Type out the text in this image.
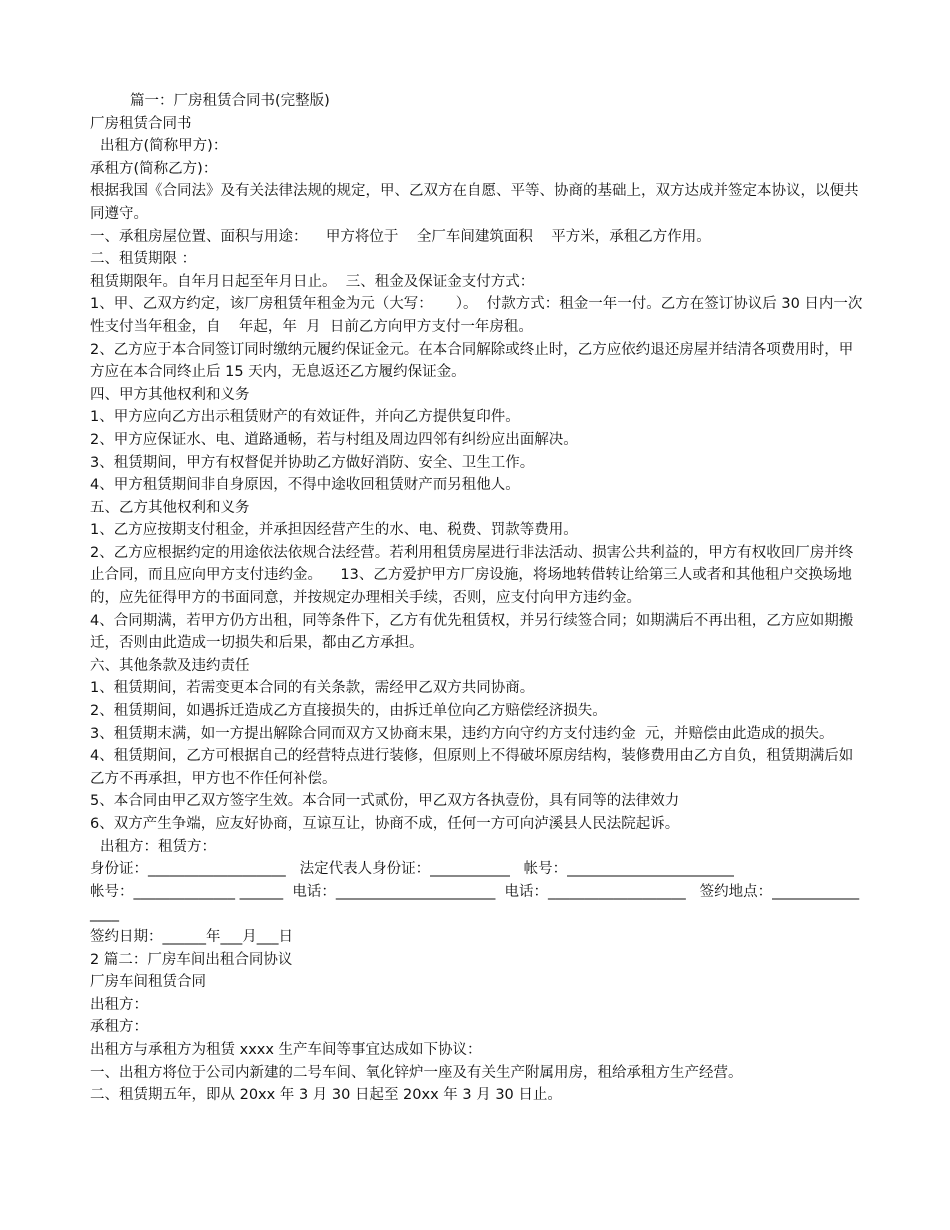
篇一：厂房租赁合同书(完整版)

厂房租赁合同书

出租方(简称甲方)：

承租方(简称乙方)：

根据我国《合同法》及有关法律法规的规定，甲、乙双方在自愿、平等、协商的基础上，双方达成并签定本协议，以便共同遵守。

一、承租房屋位置、面积与用途：    甲方将位于    全厂车间建筑面积    平方米，承租乙方作用。

二、租赁期限 ：

租赁期限年。自年月日起至年月日止。  三、租金及保证金支付方式：

1、甲、乙双方约定，该厂房租赁年租金为元（大写：     ）。  付款方式：租金一年一付。乙方在签订协议后 30 日内一次性支付当年租金，自    年起，年  月  日前乙方向甲方支付一年房租。

2、乙方应于本合同签订同时缴纳元履约保证金元。在本合同解除或终止时，乙方应依约退还房屋并结清各项费用时，甲方应在本合同终止后 15 天内，无息返还乙方履约保证金。

四、甲方其他权利和义务

1、甲方应向乙方出示租赁财产的有效证件，并向乙方提供复印件。

2、甲方应保证水、电、道路通畅，若与村组及周边四邻有纠纷应出面解决。

3、租赁期间，甲方有权督促并协助乙方做好消防、安全、卫生工作。

4、甲方租赁期间非自身原因，不得中途收回租赁财产而另租他人。

五、乙方其他权利和义务

1、乙方应按期支付租金，并承担因经营产生的水、电、税费、罚款等费用。

2、乙方应根据约定的用途依法依规合法经营。若利用租赁房屋进行非法活动、损害公共利益的，甲方有权收回厂房并终止合同，而且应向甲方支付违约金。    13、乙方爱护甲方厂房设施，将场地转借转让给第三人或者和其他租户交换场地的，应先征得甲方的书面同意，并按规定办理相关手续，否则，应支付向甲方违约金。

4、合同期满，若甲方仍方出租，同等条件下，乙方有优先租赁权，并另行续签合同；如期满后不再出租，乙方应如期搬迁，否则由此造成一切损失和后果，都由乙方承担。

六、其他条款及违约责任

1、租赁期间，若需变更本合同的有关条款，需经甲乙双方共同协商。

2、租赁期间，如遇拆迁造成乙方直接损失的，由拆迁单位向乙方赔偿经济损失。

3、租赁期末满，如一方提出解除合同而双方又协商末果，违约方向守约方支付违约金  元，并赔偿由此造成的损失。

4、租赁期间，乙方可根据自己的经营特点进行装修，但原则上不得破坏原房结构，装修费用由乙方自负，租赁期满后如乙方不再承担，甲方也不作任何补偿。

5、本合同由甲乙双方签字生效。本合同一式贰份，甲乙双方各执壹份，具有同等的法律效力

6、双方产生争端，应友好协商，互谅互让，协商不成，任何一方可向泸溪县人民法院起诉。

出租方：租赁方：

身份证：___________________   法定代表人身份证：___________   帐号：_______________________

帐号：______________ ______  电话：______________________  电话：___________________   签约地点：________________

签约日期：______年___月___日

2 篇二：厂房车间出租合同协议

厂房车间租赁合同

出租方：

承租方：

出租方与承租方为租赁 xxxx 生产车间等事宜达成如下协议：

一、出租方将位于公司内新建的二号车间、氧化锌炉一座及有关生产附属用房，租给承租方生产经营。

二、租赁期五年，即从 20xx 年 3 月 30 日起至 20xx 年 3 月 30 日止。
